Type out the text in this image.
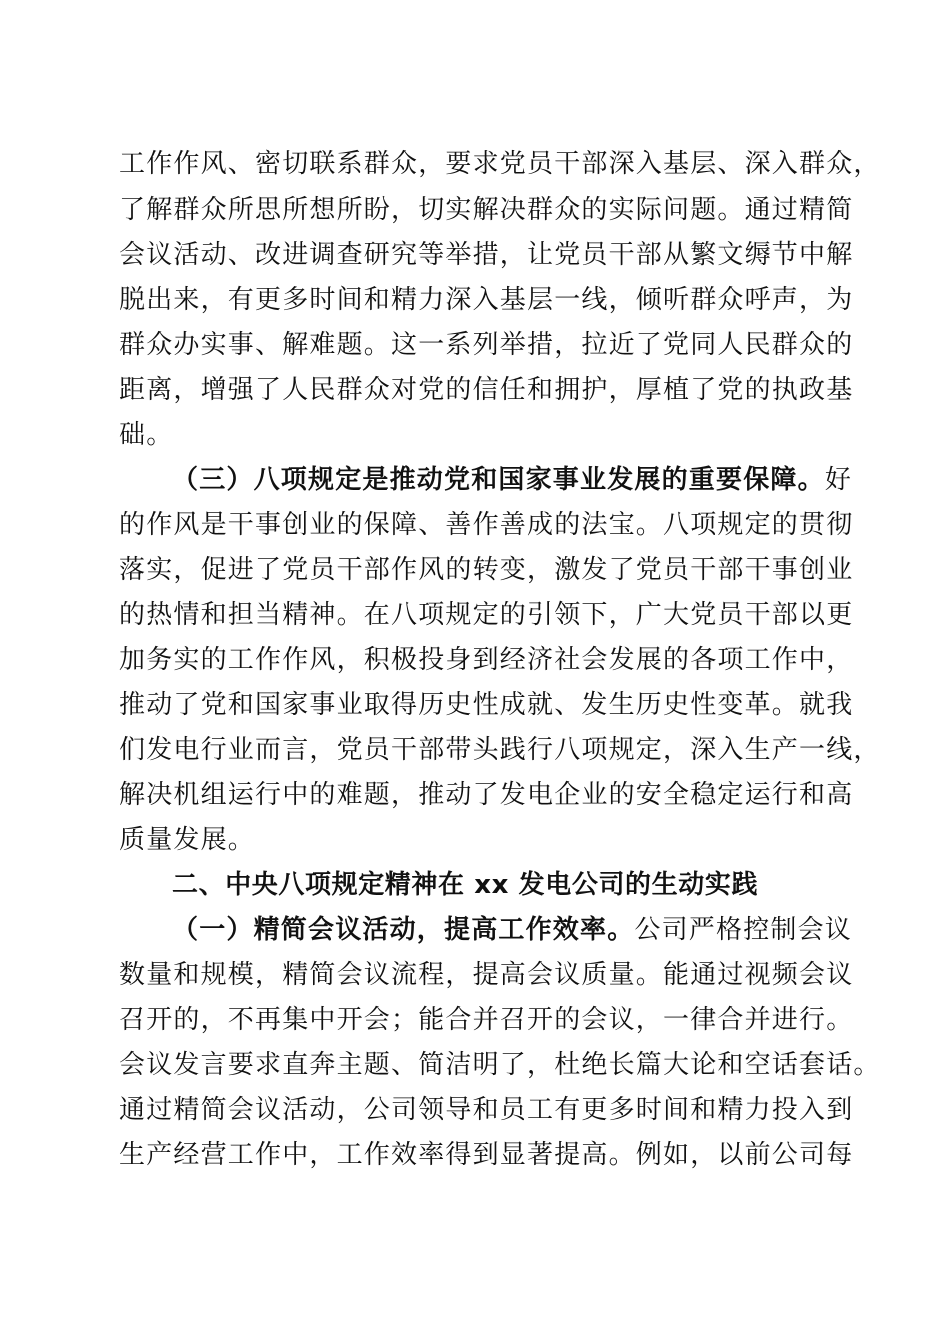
工作作风、密切联系群众，要求党员干部深入基层、深入群众，
了解群众所思所想所盼，切实解决群众的实际问题。通过精简
会议活动、改进调查研究等举措，让党员干部从繁文缛节中解
脱出来，有更多时间和精力深入基层一线，倾听群众呼声，为
群众办实事、解难题。这一系列举措，拉近了党同人民群众的
距离，增强了人民群众对党的信任和拥护，厚植了党的执政基
础。
（三）八项规定是推动党和国家事业发展的重要保障。好
的作风是干事创业的保障、善作善成的法宝。八项规定的贯彻
落实，促进了党员干部作风的转变，激发了党员干部干事创业
的热情和担当精神。在八项规定的引领下，广大党员干部以更
加务实的工作作风，积极投身到经济社会发展的各项工作中，
推动了党和国家事业取得历史性成就、发生历史性变革。就我
们发电行业而言，党员干部带头践行八项规定，深入生产一线，
解决机组运行中的难题，推动了发电企业的安全稳定运行和高
质量发展。
二、中央八项规定精神在 xx 发电公司的生动实践
（一）精简会议活动，提高工作效率。公司严格控制会议
数量和规模，精简会议流程，提高会议质量。能通过视频会议
召开的，不再集中开会；能合并召开的会议，一律合并进行。
会议发言要求直奔主题、简洁明了，杜绝长篇大论和空话套话。
通过精简会议活动，公司领导和员工有更多时间和精力投入到
生产经营工作中，工作效率得到显著提高。例如，以前公司每
